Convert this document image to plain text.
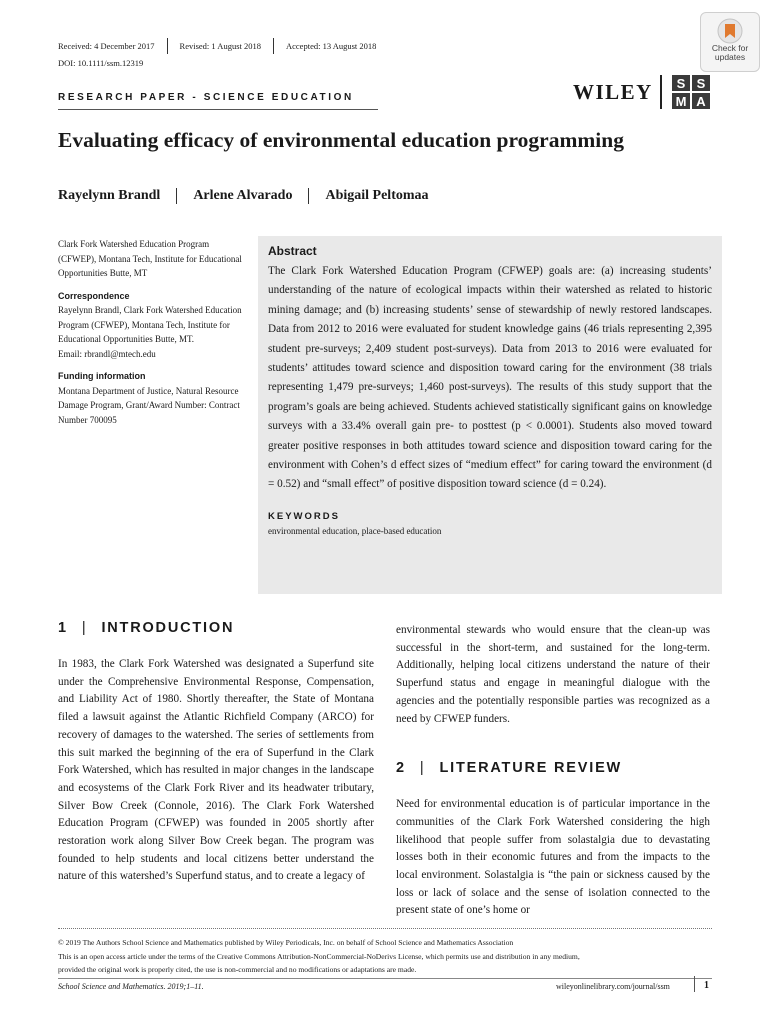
Received: 4 December 2017	Revised: 1 August 2018	Accepted: 13 August 2018
DOI: 10.1111/ssm.12319
Check for
updates
RESEARCH PAPER - SCIENCE EDUCATION	WILEY S S
M A
Evaluating efficacy of environmental education programming
Rayelynn Brandl Arlene Alvarado Abigail Peltomaa
Clark Fork Watershed Education Program (CFWEP), Montana Tech, Institute for Educational Opportunities Butte, MT
Correspondence
Rayelynn Brandl, Clark Fork Watershed Education Program (CFWEP), Montana Tech, Institute for Educational Opportunities Butte, MT.
Email: rbrandl@mtech.edu
Funding information
Montana Department of Justice, Natural Resource Damage Program, Grant/Award Number: Contract Number 700095
Abstract
The Clark Fork Watershed Education Program (CFWEP) goals are: (a) increasing students’ understanding of the nature of ecological impacts within their watershed as related to historic mining damage; and (b) increasing students’ sense of stewardship of newly restored landscapes. Data from 2012 to 2016 were evaluated for student knowledge gains (46 trials representing 2,395 student pre-surveys; 2,409 student post-surveys). Data from 2013 to 2016 were evaluated for students’ attitudes toward science and disposition toward caring for the environment (38 trials representing 1,479 pre-surveys; 1,460 post-surveys). The results of this study support that the program’s goals are being achieved. Students achieved statistically significant gains on knowledge surveys with a 33.4% overall gain pre- to posttest (p < 0.0001). Students also moved toward greater positive responses in both attitudes toward science and disposition toward caring for the environment with Cohen’s d effect sizes of “medium effect” for caring toward the environment (d = 0.52) and “small effect” of positive disposition toward science (d = 0.24).
KEYWORDS
environmental education, place-based education
1 | INTRODUCTION
In 1983, the Clark Fork Watershed was designated a Superfund site under the Comprehensive Environmental Response, Compensation, and Liability Act of 1980. Shortly thereafter, the State of Montana filed a lawsuit against the Atlantic Richfield Company (ARCO) for recovery of damages to the watershed. The series of settlements from this suit marked the beginning of the era of Superfund in the Clark Fork Watershed, which has resulted in major changes in the landscape and ecosystems of the Clark Fork River and its headwater tributary, Silver Bow Creek (Connole, 2016). The Clark Fork Watershed Education Program (CFWEP) was founded in 2005 shortly after restoration work along Silver Bow Creek began. The program was founded to help students and local citizens better understand the nature of this watershed’s Superfund status, and to create a legacy of
environmental stewards who would ensure that the clean-up was successful in the short-term, and sustained for the long-term. Additionally, helping local citizens understand the nature of their Superfund status and engage in meaningful dialogue with the agencies and the potentially responsible parties was recognized as a need by CFWEP funders.
2 | LITERATURE REVIEW
Need for environmental education is of particular importance in the communities of the Clark Fork Watershed considering the high likelihood that people suffer from solastalgia due to devastating losses both in their economic futures and from the impacts to the local environment. Solastalgia is “the pain or sickness caused by the loss or lack of solace and the sense of isolation connected to the present state of one’s home or
© 2019 The Authors School Science and Mathematics published by Wiley Periodicals, Inc. on behalf of School Science and Mathematics Association
This is an open access article under the terms of the Creative Commons Attribution-NonCommercial-NoDerivs License, which permits use and distribution in any medium,
provided the original work is properly cited, the use is non-commercial and no modifications or adaptations are made.
School Science and Mathematics. 2019;1–11.	wileyonlinelibrary.com/journal/ssm	1
